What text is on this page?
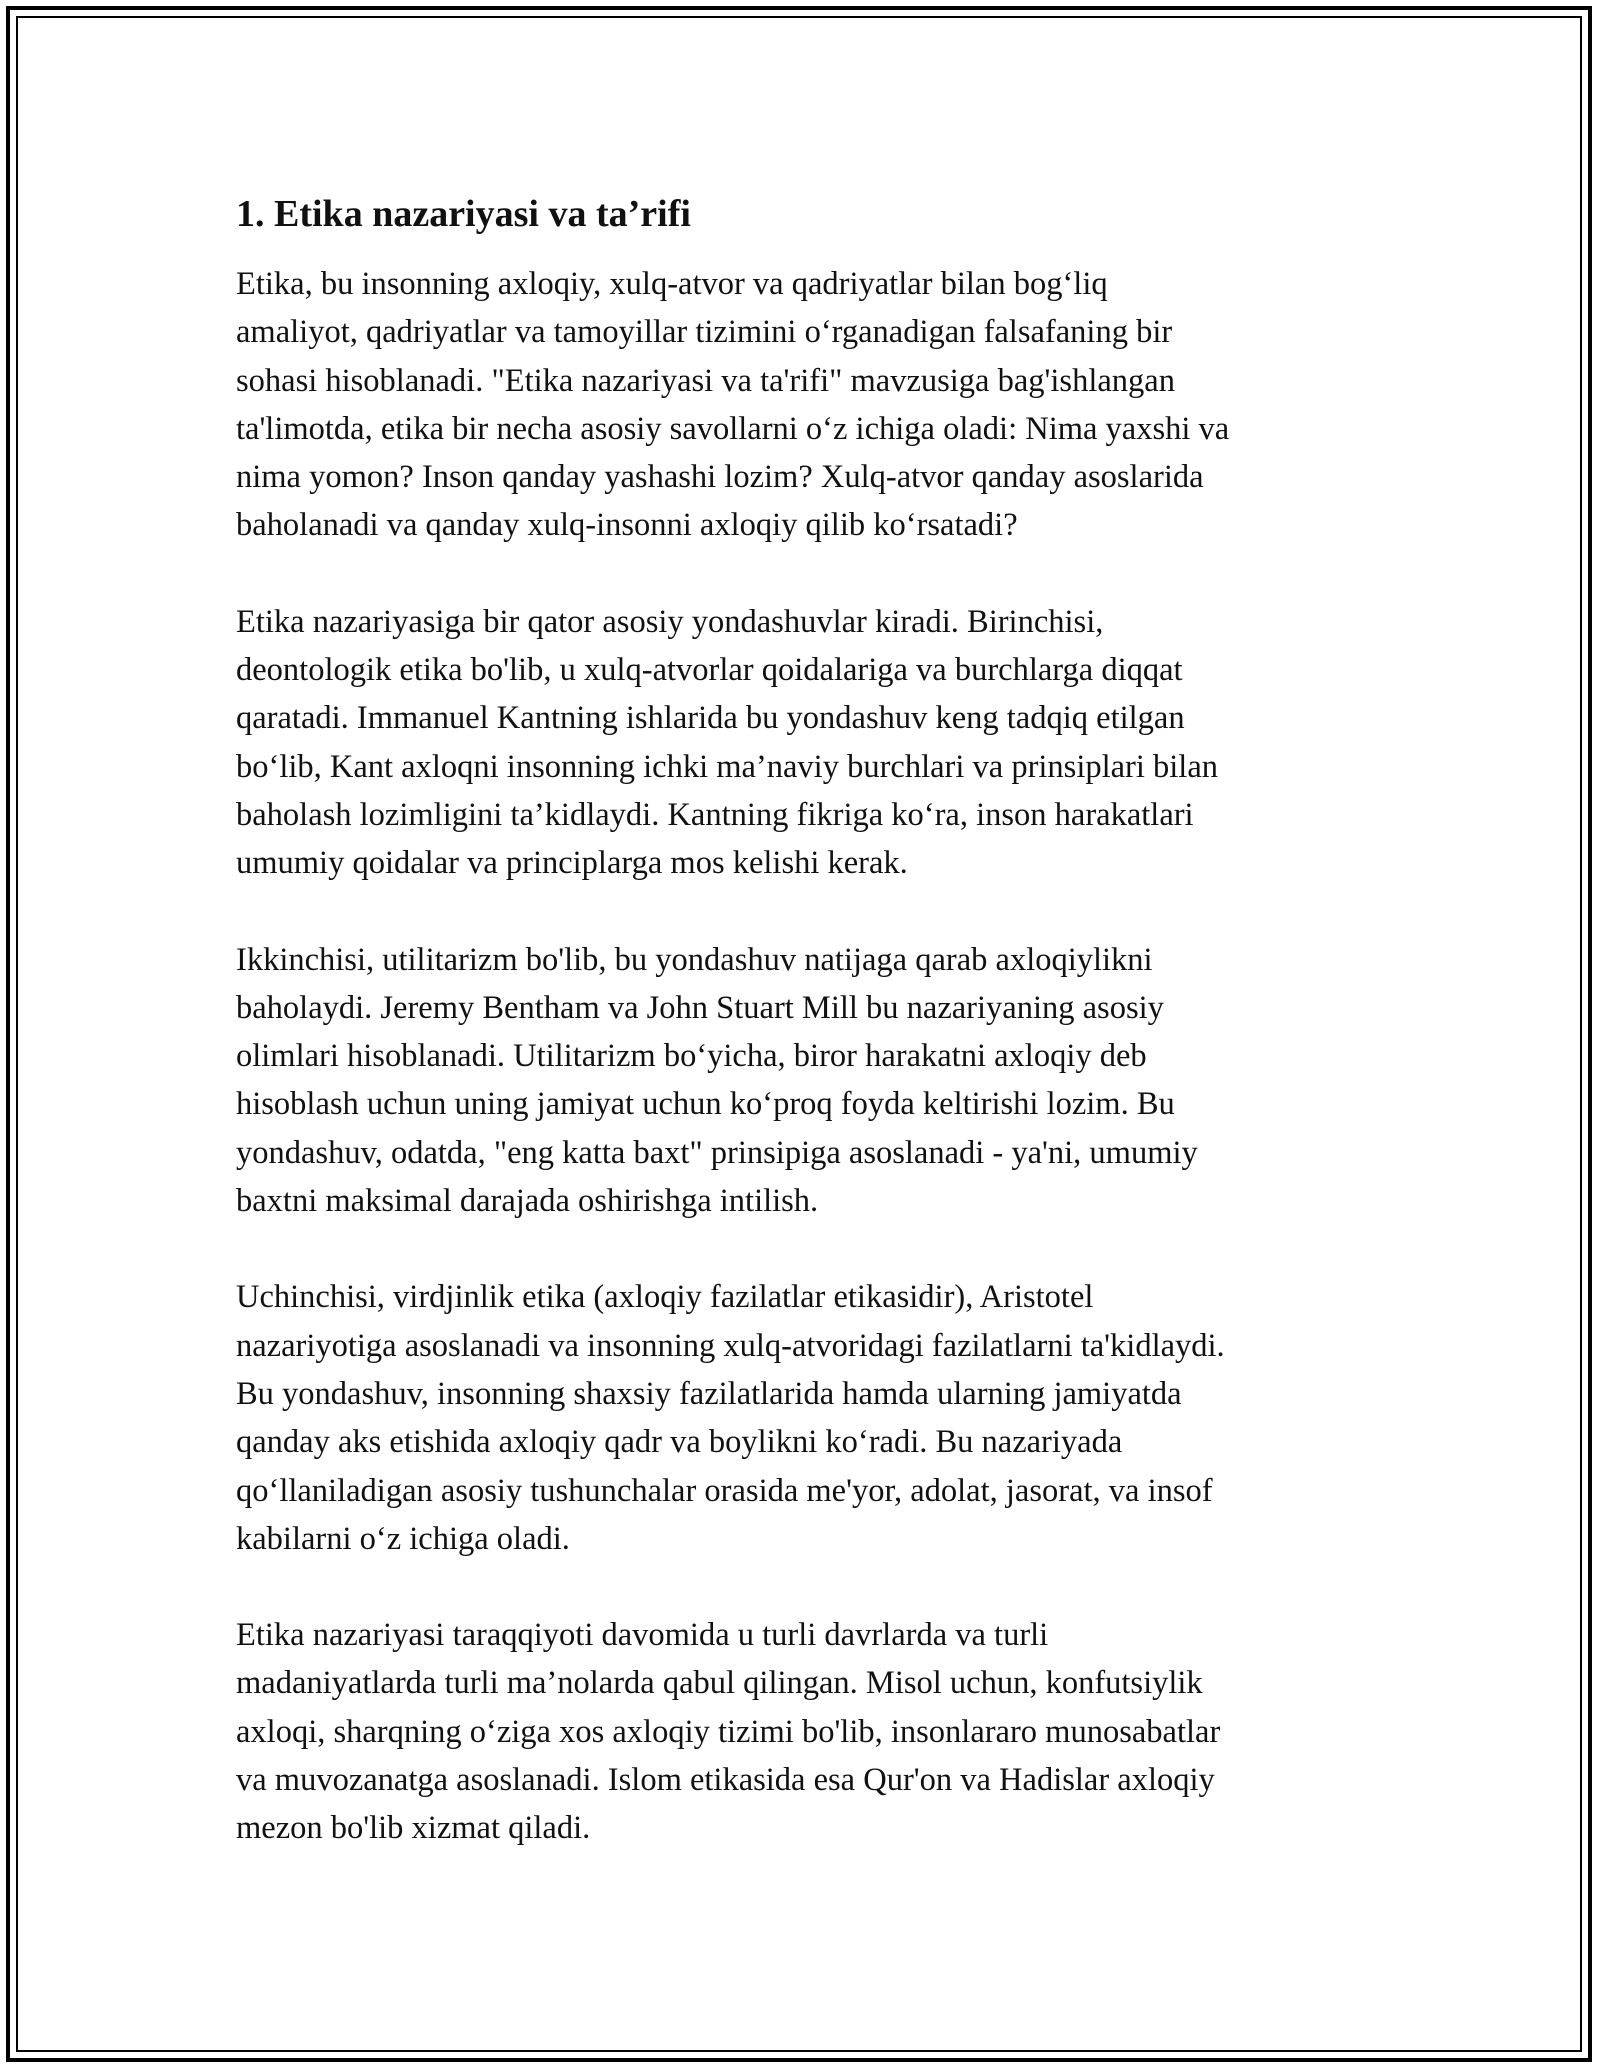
1. Etika nazariyasi va ta’rifi

Etika, bu insonning axloqiy, xulq-atvor va qadriyatlar bilan bog‘liq
amaliyot, qadriyatlar va tamoyillar tizimini o‘rganadigan falsafaning bir
sohasi hisoblanadi. "Etika nazariyasi va ta'rifi" mavzusiga bag'ishlangan
ta'limotda, etika bir necha asosiy savollarni o‘z ichiga oladi: Nima yaxshi va
nima yomon? Inson qanday yashashi lozim? Xulq-atvor qanday asoslarida
baholanadi va qanday xulq-insonni axloqiy qilib ko‘rsatadi?

Etika nazariyasiga bir qator asosiy yondashuvlar kiradi. Birinchisi,
deontologik etika bo'lib, u xulq-atvorlar qoidalariga va burchlarga diqqat
qaratadi. Immanuel Kantning ishlarida bu yondashuv keng tadqiq etilgan
bo‘lib, Kant axloqni insonning ichki ma’naviy burchlari va prinsiplari bilan
baholash lozimligini ta’kidlaydi. Kantning fikriga ko‘ra, inson harakatlari
umumiy qoidalar va principlarga mos kelishi kerak.

Ikkinchisi, utilitarizm bo'lib, bu yondashuv natijaga qarab axloqiylikni
baholaydi. Jeremy Bentham va John Stuart Mill bu nazariyaning asosiy
olimlari hisoblanadi. Utilitarizm bo‘yicha, biror harakatni axloqiy deb
hisoblash uchun uning jamiyat uchun ko‘proq foyda keltirishi lozim. Bu
yondashuv, odatda, "eng katta baxt" prinsipiga asoslanadi - ya'ni, umumiy
baxtni maksimal darajada oshirishga intilish.

Uchinchisi, virdjinlik etika (axloqiy fazilatlar etikasidir), Aristotel
nazariyotiga asoslanadi va insonning xulq-atvoridagi fazilatlarni ta'kidlaydi.
Bu yondashuv, insonning shaxsiy fazilatlarida hamda ularning jamiyatda
qanday aks etishida axloqiy qadr va boylikni ko‘radi. Bu nazariyada
qo‘llaniladigan asosiy tushunchalar orasida me'yor, adolat, jasorat, va insof
kabilarni o‘z ichiga oladi.

Etika nazariyasi taraqqiyoti davomida u turli davrlarda va turli
madaniyatlarda turli ma’nolarda qabul qilingan. Misol uchun, konfutsiylik
axloqi, sharqning o‘ziga xos axloqiy tizimi bo'lib, insonlararo munosabatlar
va muvozanatga asoslanadi. Islom etikasida esa Qur'on va Hadislar axloqiy
mezon bo'lib xizmat qiladi.
